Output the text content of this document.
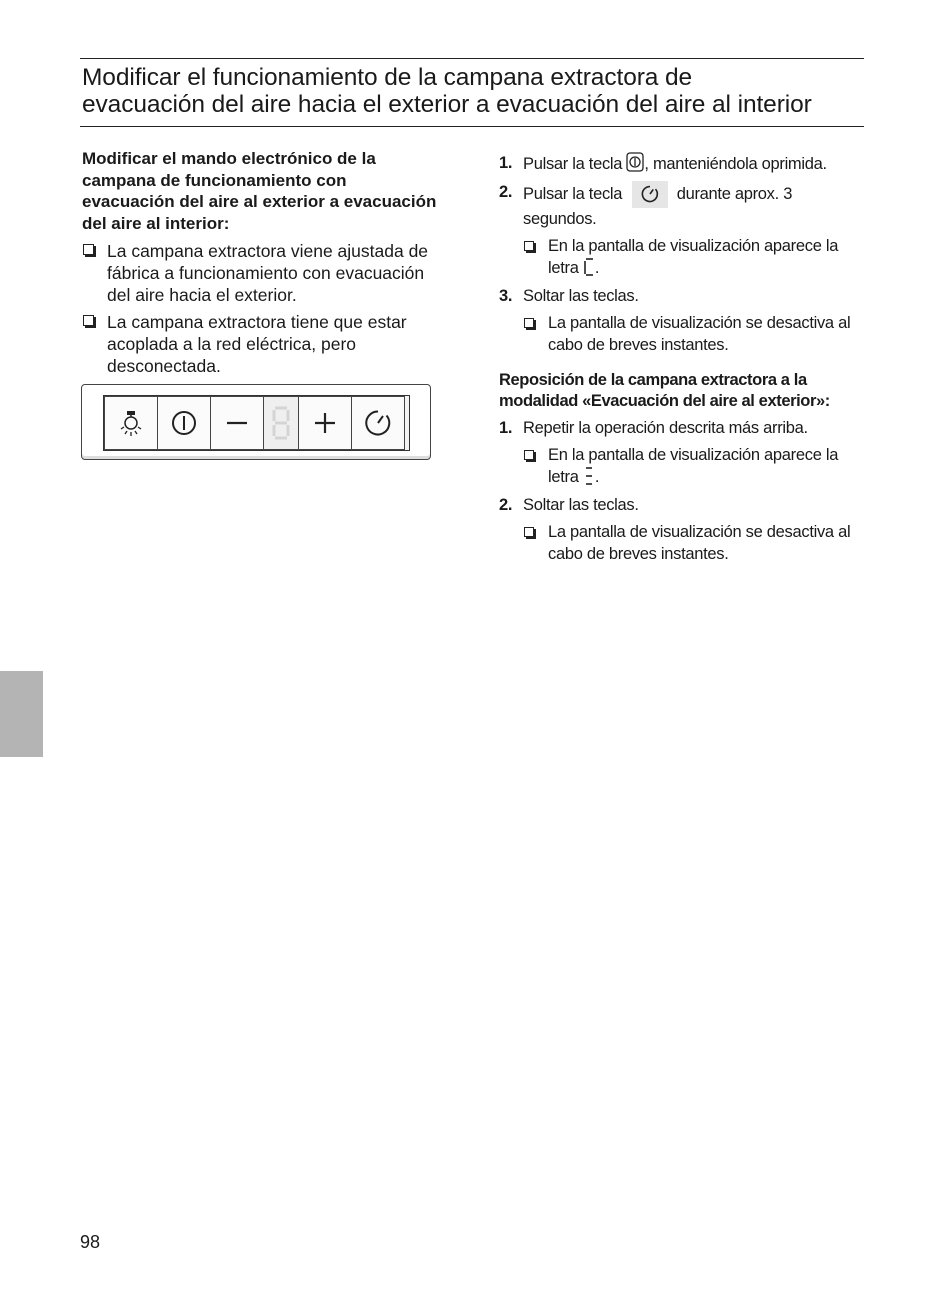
Modificar el funcionamiento de la campana extractora de
evacuación del aire hacia el exterior a evacuación del aire al interior
Modificar el mando electrónico de la campana de funcionamiento con evacuación del aire al exterior a evacuación del aire al interior:
La campana extractora viene ajustada de fábrica a funcionamiento con evacuación del aire hacia el exterior.
La campana extractora tiene que estar acoplada a la red eléctrica, pero desconectada.
1. Pulsar la tecla , manteniéndola oprimida.
2. Pulsar la tecla	durante aprox. 3 segundos.
En la pantalla de visualización aparece la letra .
3. Soltar las teclas.
La pantalla de visualización se desactiva al cabo de breves instantes.
Reposición de la campana extractora a la modalidad «Evacuación del aire al exterior»:
1. Repetir la operación descrita más arriba.
En la pantalla de visualización aparece la letra .
2. Soltar las teclas.
La pantalla de visualización se desactiva al cabo de breves instantes.
98
